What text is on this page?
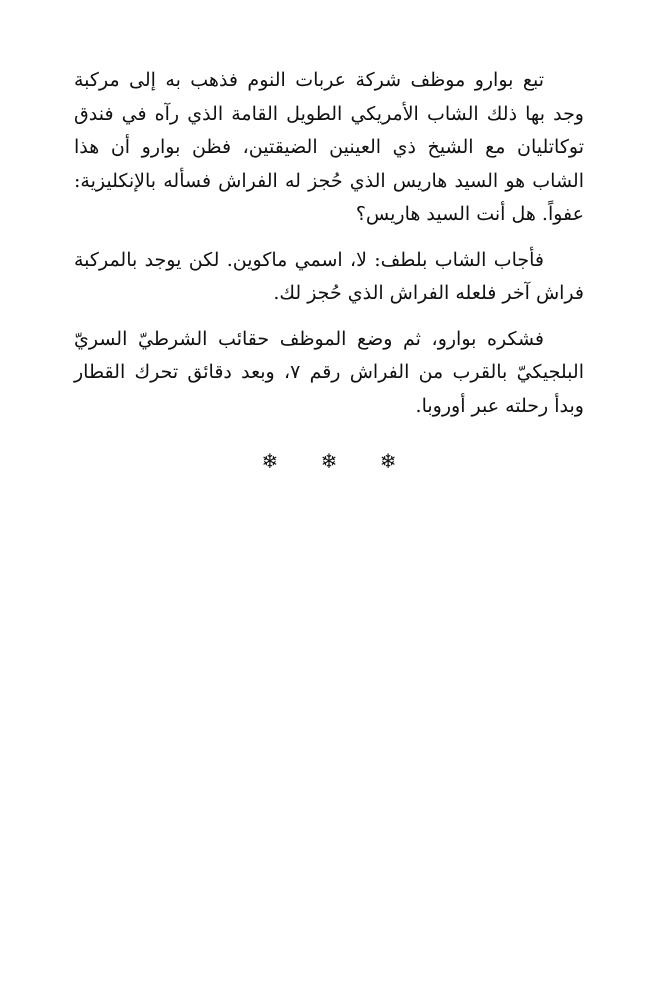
تبع بوارو موظف شركة عربات النوم فذهب به إلى مركبة وجد بها ذلك الشاب الأمريكي الطويل القامة الذي رآه في فندق توكاتليان مع الشيخ ذي العينين الضيقتين، فظن بوارو أن هذا الشاب هو السيد هاريس الذي حُجز له الفراش فسأله بالإنكليزية: عفواً. هل أنت السيد هاريس؟

فأجاب الشاب بلطف: لا، اسمي ماكوين. لكن يوجد بالمركبة فراش آخر فلعله الفراش الذي حُجز لك.

فشكره بوارو، ثم وضع الموظف حقائب الشرطيّ السريّ البلجيكيّ بالقرب من الفراش رقم ٧، وبعد دقائق تحرك القطار وبدأ رحلته عبر أوروبا.

❄ ❄ ❄
